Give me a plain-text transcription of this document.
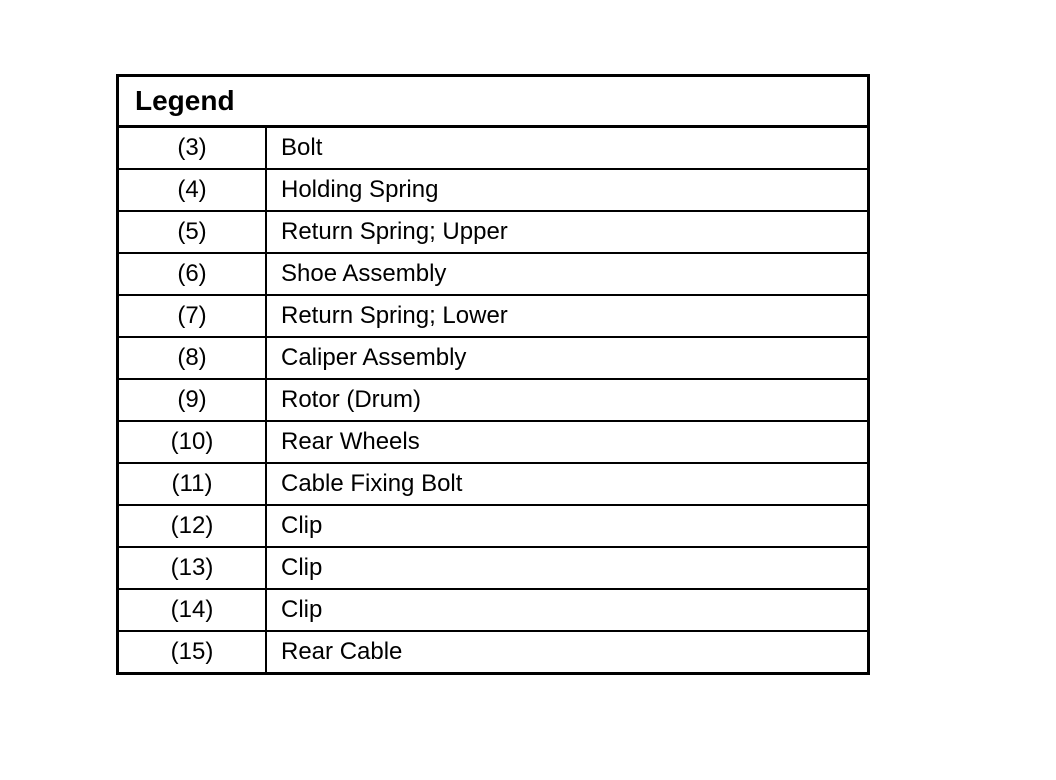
Legend	
(3)	Bolt
(4)	Holding Spring
(5)	Return Spring; Upper
(6)	Shoe Assembly
(7)	Return Spring; Lower
(8)	Caliper Assembly
(9)	Rotor (Drum)
(10)	Rear Wheels
(11)	Cable Fixing Bolt
(12)	Clip
(13)	Clip
(14)	Clip
(15)	Rear Cable
